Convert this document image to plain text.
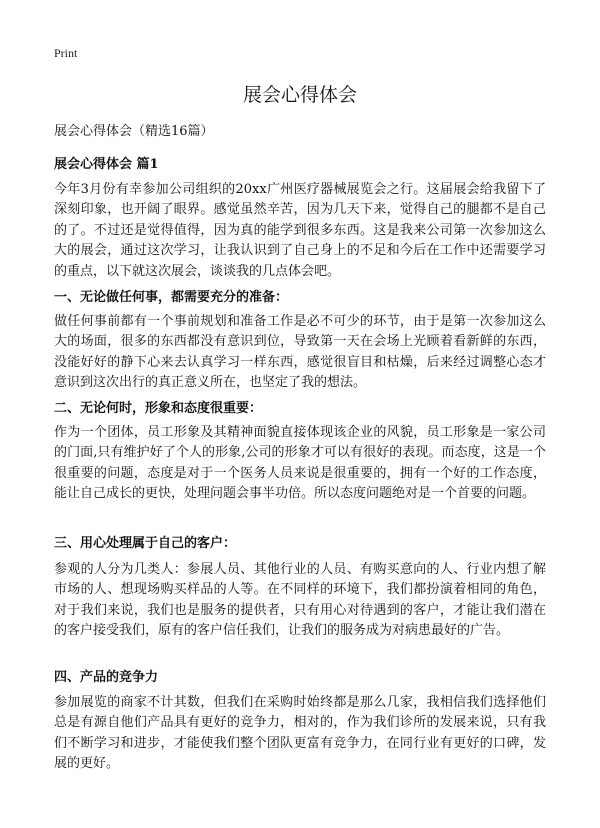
Print
展会心得体会
展会心得体会（精选16篇）
展会心得体会 篇1

今年3月份有幸参加公司组织的20xx广州医疗器械展览会之行。这届展会给我留下了深刻印象，也开阔了眼界。感觉虽然辛苦，因为几天下来，觉得自己的腿都不是自己的了。不过还是觉得值得，因为真的能学到很多东西。这是我来公司第一次参加这么大的展会，通过这次学习，让我认识到了自己身上的不足和今后在工作中还需要学习的重点，以下就这次展会，谈谈我的几点体会吧。

一、无论做任何事，都需要充分的准备：

做任何事前都有一个事前规划和准备工作是必不可少的环节，由于是第一次参加这么大的场面，很多的东西都没有意识到位，导致第一天在会场上光顾着看新鲜的东西，没能好好的静下心来去认真学习一样东西，感觉很盲目和枯燥，后来经过调整心态才意识到这次出行的真正意义所在，也坚定了我的想法。

二、无论何时，形象和态度很重要：

作为一个团体，员工形象及其精神面貌直接体现该企业的风貌，员工形象是一家公司的门面,只有维护好了个人的形象,公司的形象才可以有很好的表现。而态度，这是一个很重要的问题，态度是对于一个医务人员来说是很重要的，拥有一个好的工作态度，能让自己成长的更快，处理问题会事半功倍。所以态度问题绝对是一个首要的问题。

三、用心处理属于自己的客户：

参观的人分为几类人：参展人员、其他行业的人员、有购买意向的人、行业内想了解市场的人、想现场购买样品的人等。在不同样的环境下，我们都扮演着相同的角色，对于我们来说，我们也是服务的提供者，只有用心对待遇到的客户，才能让我们潜在的客户接受我们，原有的客户信任我们，让我们的服务成为对病患最好的广告。

四、产品的竞争力

参加展览的商家不计其数，但我们在采购时始终都是那么几家，我相信我们选择他们总是有源自他们产品具有更好的竞争力，相对的，作为我们诊所的发展来说，只有我们不断学习和进步，才能使我们整个团队更富有竞争力，在同行业有更好的口碑，发展的更好。
